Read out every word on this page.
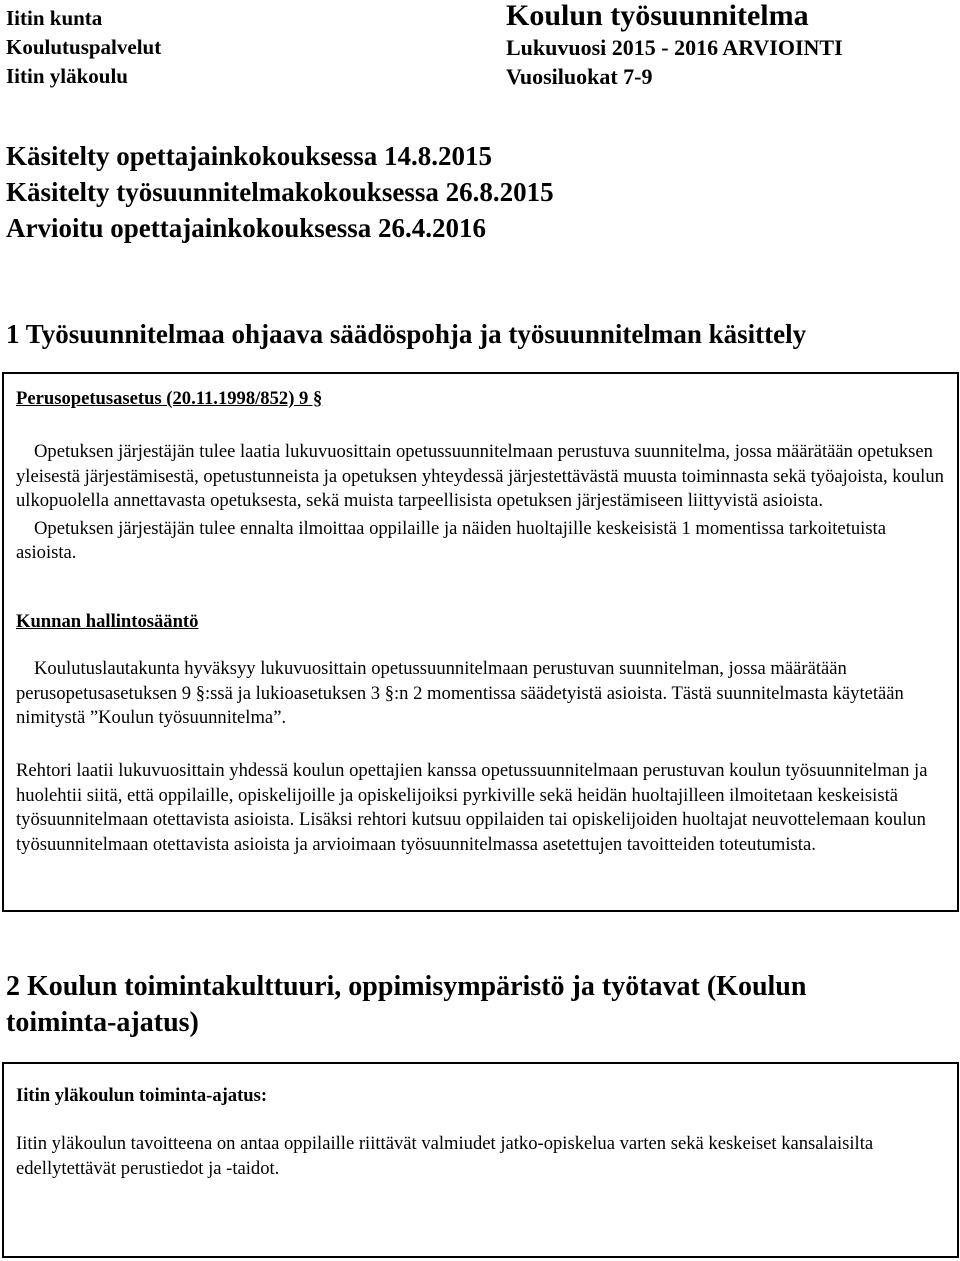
Iitin kunta
Koulutuspalvelut
Iitin yläkoulu
Koulun työsuunnitelma
Lukuvuosi 2015 - 2016 ARVIOINTI
Vuosiluokat 7-9
Käsitelty opettajainkokouksessa 14.8.2015
Käsitelty työsuunnitelmakokouksessa 26.8.2015
Arvioitu opettajainkokouksessa 26.4.2016
1 Työsuunnitelmaa ohjaava säädöspohja ja työsuunnitelman käsittely
Perusopetusasetus (20.11.1998/852) 9 §

Opetuksen järjestäjän tulee laatia lukuvuosittain opetussuunnitelmaan perustuva suunnitelma, jossa määrätään opetuksen yleisestä järjestämisestä, opetustunneista ja opetuksen yhteydessä järjestettävästä muusta toiminnasta sekä työajoista, koulun ulkopuolella annettavasta opetuksesta, sekä muista tarpeellisista opetuksen järjestämiseen liittyvistä asioista.

Opetuksen järjestäjän tulee ennalta ilmoittaa oppilaille ja näiden huoltajille keskeisistä 1 momentissa tarkoitetuista asioista.

Kunnan hallintosääntö

Koulutuslautakunta hyväksyy lukuvuosittain opetussuunnitelmaan perustuvan suunnitelman, jossa määrätään perusopetusasetuksen 9 §:ssä ja lukioasetuksen 3 §:n 2 momentissa säädetyistä asioista. Tästä suunnitelmasta käytetään nimitystä ”Koulun työsuunnitelma”.

Rehtori laatii lukuvuosittain yhdessä koulun opettajien kanssa opetussuunnitelmaan perustuvan koulun työsuunnitelman ja huolehtii siitä, että oppilaille, opiskelijoille ja opiskelijoiksi pyrkiville sekä heidän huoltajilleen ilmoitetaan keskeisistä työsuunnitelmaan otettavista asioista. Lisäksi rehtori kutsuu oppilaiden tai opiskelijoiden huoltajat neuvottelemaan koulun työsuunnitelmaan otettavista asioista ja arvioimaan työsuunnitelmassa asetettujen tavoitteiden toteutumista.

2 Koulun toimintakulttuuri, oppimisympäristö ja työtavat (Koulun
toiminta-ajatus)
Iitin yläkoulun toiminta-ajatus:

Iitin yläkoulun tavoitteena on antaa oppilaille riittävät valmiudet jatko-opiskelua varten sekä keskeiset kansalaisilta edellytettävät perustiedot ja -taidot.
